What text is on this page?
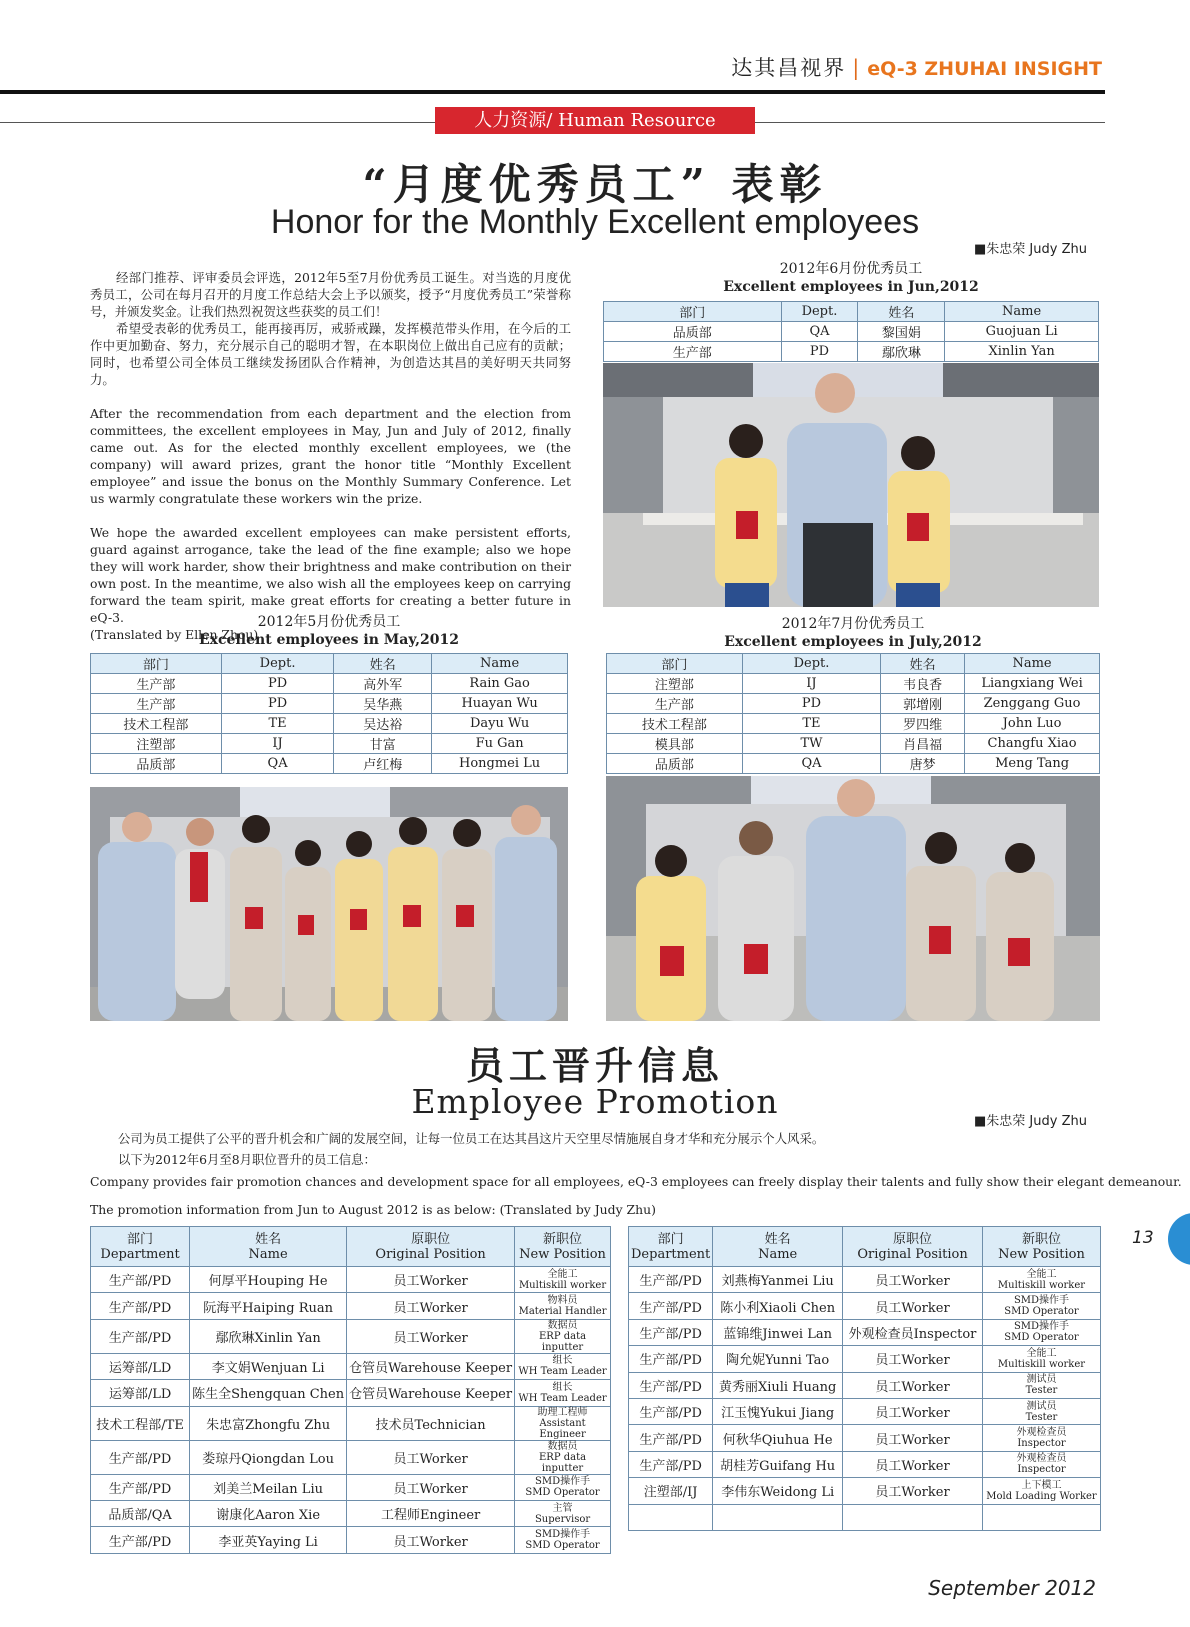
达其昌视界 | eQ-3 ZHUHAI INSIGHT
人力资源/ Human Resource
“月度优秀员工” 表彰
Honor for the Monthly Excellent employees
■朱忠荣 Judy Zhu

经部门推荐、评审委员会评选，2012年5至7月份优秀员工诞生。对当选的月度优秀员工，公司在每月召开的月度工作总结大会上予以颁奖，授予“月度优秀员工”荣誉称号，并颁发奖金。让我们热烈祝贺这些获奖的员工们！

希望受表彰的优秀员工，能再接再厉，戒骄戒躁，发挥模范带头作用，在今后的工作中更加勤奋、努力，充分展示自己的聪明才智，在本职岗位上做出自己应有的贡献；同时，也希望公司全体员工继续发扬团队合作精神，为创造达其昌的美好明天共同努力。

After the recommendation from each department and the election from committees, the excellent employees in May, Jun and July of 2012, finally came out. As for the elected monthly excellent employees, we (the company) will award prizes, grant the honor title “Monthly Excellent employee” and issue the bonus on the Monthly Summary Conference. Let us warmly congratulate these workers win the prize.

We hope the awarded excellent employees can make persistent efforts, guard against arrogance, take the lead of the fine example; also we hope they will work harder, show their brightness and make contribution on their own post. In the meantime, we also wish all the employees keep on carrying forward the team spirit, make great efforts for creating a better future in eQ-3.

(Translated by Ellen Zhou)

2012年6月份优秀员工
Excellent employees in Jun,2012
部门	Dept.	姓名	Name
品质部	QA	黎国娟	Guojuan Li
生产部	PD	鄢欣琳	Xinlin Yan
2012年5月份优秀员工
Excellent employees in May,2012
部门	Dept.	姓名	Name
生产部	PD	高外军	Rain Gao
生产部	PD	吴华燕	Huayan Wu
技术工程部	TE	吴达裕	Dayu Wu
注塑部	IJ	甘富	Fu Gan
品质部	QA	卢红梅	Hongmei Lu
2012年7月份优秀员工
Excellent employees in July,2012
部门	Dept.	姓名	Name
注塑部	IJ	韦良香	Liangxiang Wei
生产部	PD	郭增刚	Zenggang Guo
技术工程部	TE	罗四维	John Luo
模具部	TW	肖昌福	Changfu Xiao
品质部	QA	唐梦	Meng Tang
13
员工晋升信息
Employee Promotion
■朱忠荣 Judy Zhu
公司为员工提供了公平的晋升机会和广阔的发展空间，让每一位员工在达其昌这片天空里尽情施展自身才华和充分展示个人风采。
以下为2012年6月至8月职位晋升的员工信息：
Company provides fair promotion chances and development space for all employees, eQ-3 employees can freely display their talents and fully show their elegant demeanour.
The promotion information from Jun to August 2012 is as below: (Translated by Judy Zhu)
部门
Department	姓名
Name	原职位
Original Position	新职位
New Position

生产部/PD	何厚平Houping He	员工Worker	全能工
Multiskill worker

生产部/PD	阮海平Haiping Ruan	员工Worker	物料员
Material Handler

生产部/PD	鄢欣琳Xinlin Yan	员工Worker	数据员
ERP data inputter

运筹部/LD	李文娟Wenjuan Li	仓管员Warehouse Keeper	组长
WH Team Leader

运筹部/LD	陈生全Shengquan Chen	仓管员Warehouse Keeper	组长
WH Team Leader

技术工程部/TE	朱忠富Zhongfu Zhu	技术员Technician	助理工程师
Assistant Engineer

生产部/PD	娄琼丹Qiongdan Lou	员工Worker	数据员
ERP data inputter

生产部/PD	刘美兰Meilan Liu	员工Worker	SMD操作手
SMD Operator

品质部/QA	谢康化Aaron Xie	工程师Engineer	主管
Supervisor

生产部/PD	李亚英Yaying Li	员工Worker	SMD操作手
SMD Operator
部门
Department	姓名
Name	原职位
Original Position	新职位
New Position

生产部/PD	刘燕梅Yanmei Liu	员工Worker	全能工
Multiskill worker

生产部/PD	陈小利Xiaoli Chen	员工Worker	SMD操作手
SMD Operator

生产部/PD	蓝锦维Jinwei Lan	外观检查员Inspector	SMD操作手
SMD Operator

生产部/PD	陶允妮Yunni Tao	员工Worker	全能工
Multiskill worker

生产部/PD	黄秀丽Xiuli Huang	员工Worker	测试员
Tester

生产部/PD	江玉愧Yukui Jiang	员工Worker	测试员
Tester

生产部/PD	何秋华Qiuhua He	员工Worker	外观检查员
Inspector

生产部/PD	胡桂芳Guifang Hu	员工Worker	外观检查员
Inspector

注塑部/IJ	李伟东Weidong Li	员工Worker	上下模工
Mold Loading Worker

September 2012
